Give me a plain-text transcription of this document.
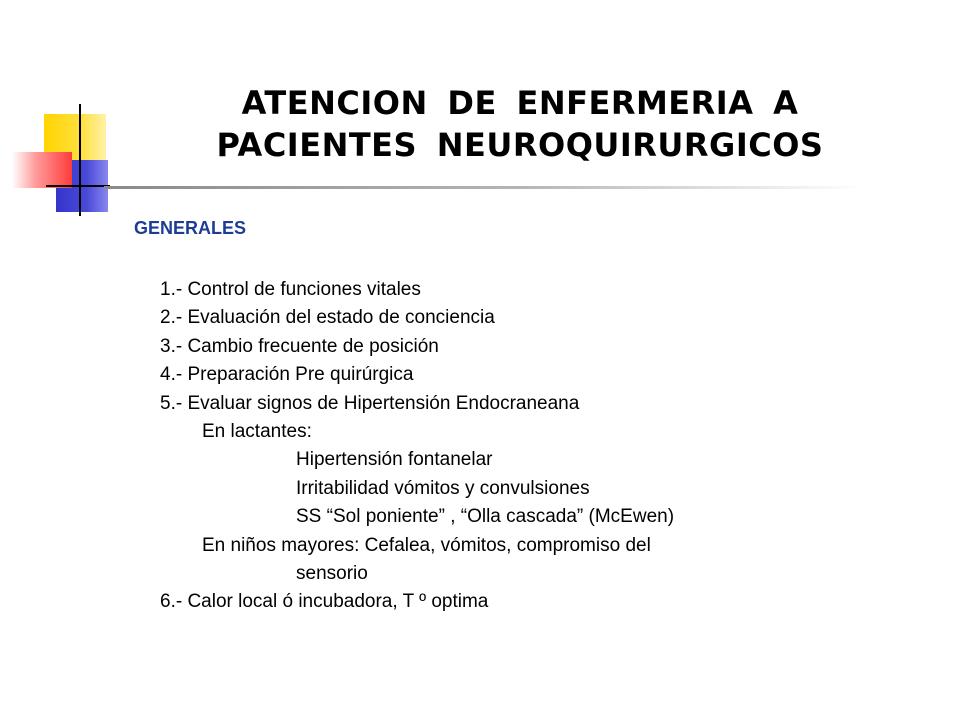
ATENCION DE ENFERMERIA A
PACIENTES NEUROQUIRURGICOS
GENERALES
1.- Control de funciones vitales
2.- Evaluación del estado de conciencia
3.- Cambio frecuente de posición
4.- Preparación Pre quirúrgica
5.- Evaluar signos de Hipertensión Endocraneana
En lactantes:
Hipertensión fontanelar
Irritabilidad vómitos y convulsiones
SS “Sol poniente” , “Olla cascada” (McEwen)
En niños mayores: Cefalea, vómitos, compromiso del
sensorio
6.- Calor local ó incubadora, T º optima
